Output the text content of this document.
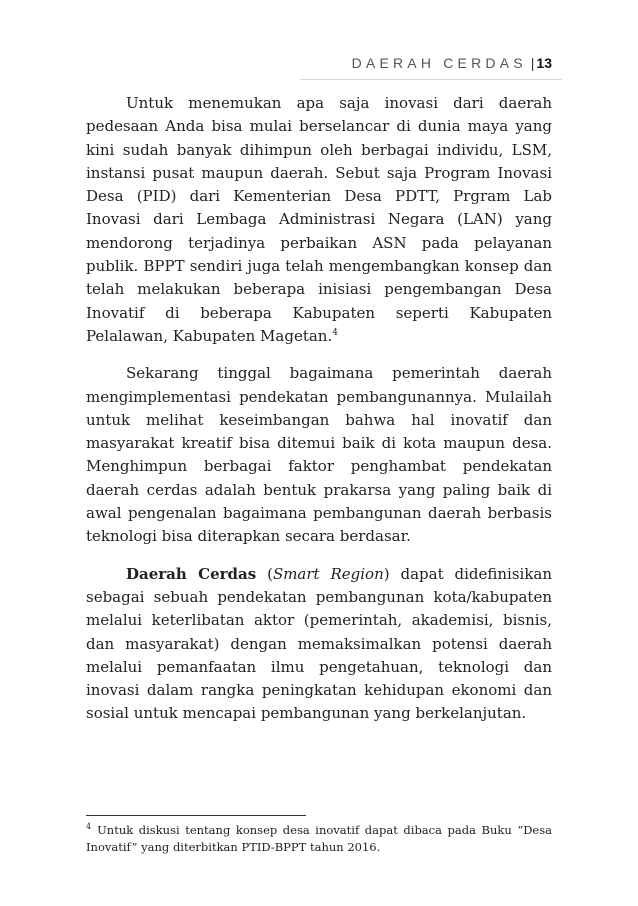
DAERAH CERDAS | 13

Untuk menemukan apa saja inovasi dari daerah pedesaan Anda bisa mulai berselancar di dunia maya yang kini sudah banyak dihimpun oleh berbagai individu, LSM, instansi pusat maupun daerah. Sebut saja Program Inovasi Desa (PID) dari Kementerian Desa PDTT, Prgram Lab Inovasi dari Lembaga Administrasi Negara (LAN) yang mendorong terjadinya perbaikan ASN pada pelayanan publik. BPPT sendiri juga telah mengembangkan konsep dan telah melakukan beberapa inisiasi pengembangan Desa Inovatif di beberapa Kabupaten seperti Kabupaten Pelalawan, Kabupaten Magetan.$^4$

Sekarang tinggal bagaimana pemerintah daerah mengimplementasi pendekatan pembangunannya. Mulailah untuk melihat keseimbangan bahwa hal inovatif dan masyarakat kreatif bisa ditemui baik di kota maupun desa. Menghimpun berbagai faktor penghambat pendekatan daerah cerdas adalah bentuk prakarsa yang paling baik di awal pengenalan bagaimana pembangunan daerah berbasis teknologi bisa diterapkan secara berdasar.

Daerah Cerdas (Smart Region) dapat didefinisikan sebagai sebuah pendekatan pembangunan kota/kabupaten melalui keterlibatan aktor (pemerintah, akademisi, bisnis, dan masyarakat) dengan memaksimalkan potensi daerah melalui pemanfaatan ilmu pengetahuan, teknologi dan inovasi dalam rangka peningkatan kehidupan ekonomi dan sosial untuk mencapai pembangunan yang berkelanjutan.

$^4$ Untuk diskusi tentang konsep desa inovatif dapat dibaca pada Buku “Desa Inovatif” yang diterbitkan PTID-BPPT tahun 2016.
